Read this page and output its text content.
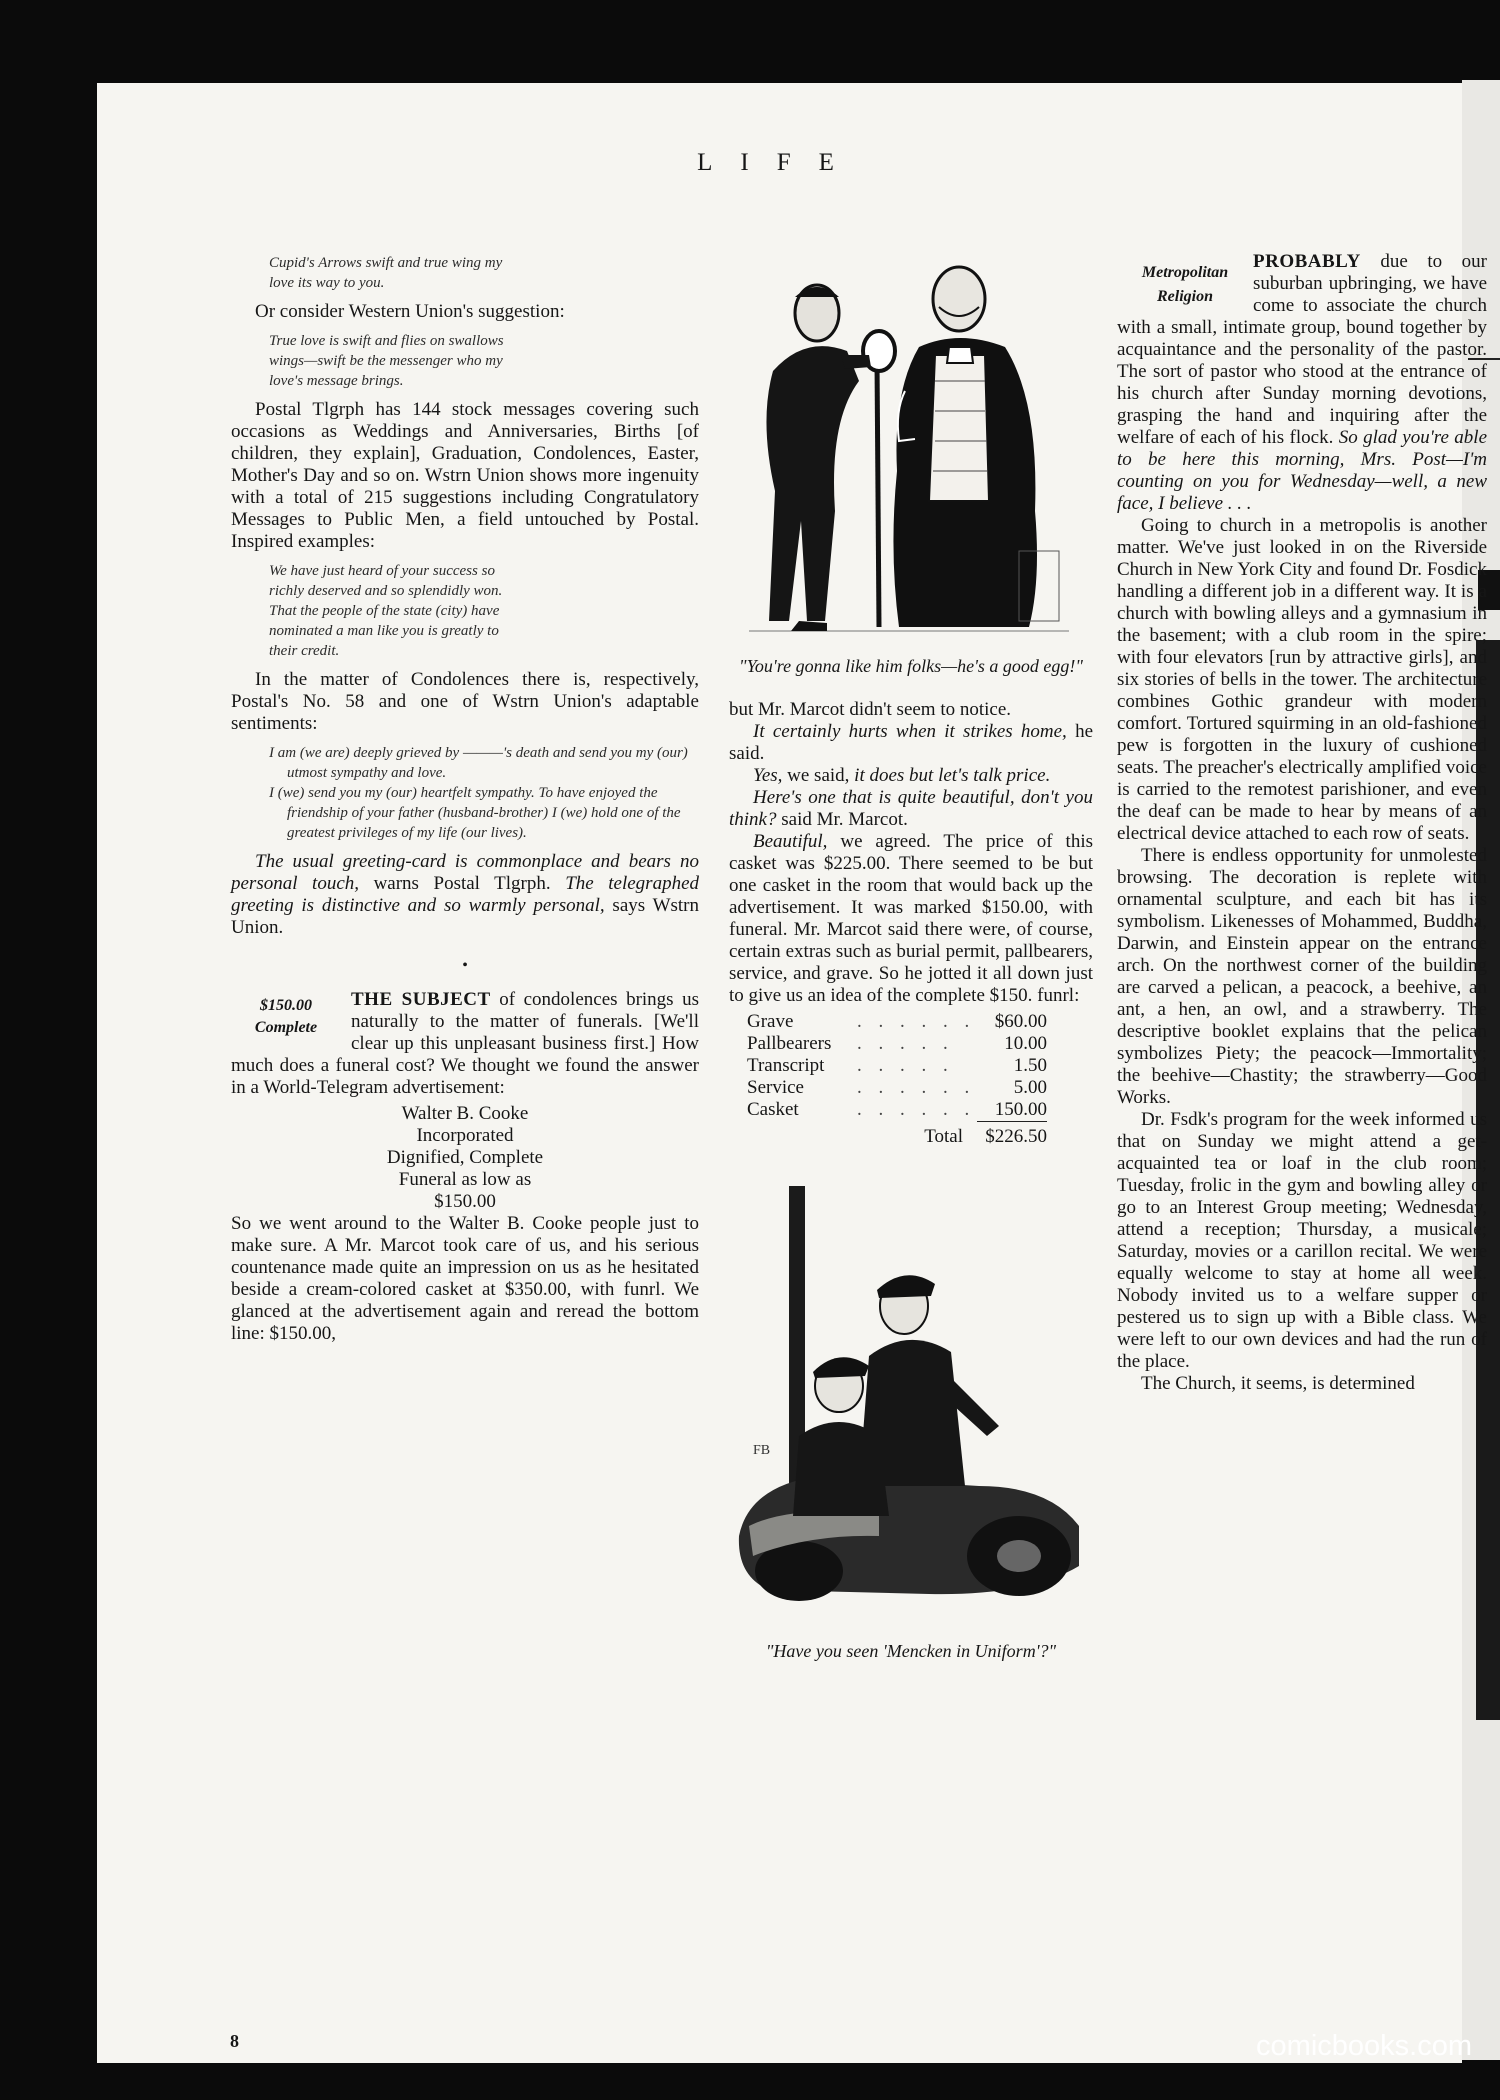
LIFE
Cupid's Arrows swift and true wing my
love its way to you.

Or consider Western Union's suggestion:

True love is swift and flies on swallows
wings—swift be the messenger who my
love's message brings.

Postal Tlgrph has 144 stock messages covering such occasions as Weddings and Anniversaries, Births [of children, they explain], Graduation, Condolences, Easter, Mother's Day and so on. Wstrn Union shows more ingenuity with a total of 215 suggestions including Congratulatory Messages to Public Men, a field untouched by Postal. Inspired examples:

We have just heard of your success so
richly deserved and so splendidly won.
That the people of the state (city) have
nominated a man like you is greatly to
their credit.

In the matter of Condolences there is, respectively, Postal's No. 58 and one of Wstrn Union's adaptable sentiments:

I am (we are) deeply grieved by ———'s death and send you my (our) utmost sympathy and love.
I (we) send you my (our) heartfelt sympathy. To have enjoyed the friendship of your father (husband-brother) I (we) hold one of the greatest privileges of my life (our lives).

The usual greeting-card is commonplace and bears no personal touch, warns Postal Tlgrph. The telegraphed greeting is distinctive and so warmly personal, says Wstrn Union.

•
$150.00
Complete

THE SUBJECT of condolences brings us naturally to the matter of funerals. [We'll clear up this unpleasant business first.] How much does a funeral cost? We thought we found the answer in a World-Telegram advertisement:

Walter B. Cooke
Incorporated
Dignified, Complete
Funeral as low as
$150.00

So we went around to the Walter B. Cooke people just to make sure. A Mr. Marcot took care of us, and his serious countenance made quite an impression on us as he hesitated beside a cream-colored casket at $350.00, with funrl. We glanced at the advertisement again and reread the bottom line: $150.00,

"You're gonna like him folks—he's a good egg!"

but Mr. Marcot didn't seem to notice.

It certainly hurts when it strikes home, he said.

Yes, we said, it does but let's talk price.

Here's one that is quite beautiful, don't you think? said Mr. Marcot.

Beautiful, we agreed. The price of this casket was $225.00. There seemed to be but one casket in the room that would back up the advertisement. It was marked $150.00, with funeral. Mr. Marcot said there were, of course, certain extras such as burial permit, pallbearers, service, and grave. So he jotted it all down just to give us an idea of the complete $150. funrl:

Grave	. . . . . .	$60.00
Pallbearers	. . . . .	10.00
Transcript	. . . . .	1.50
Service	. . . . . .	5.00
Casket	. . . . . .	150.00
	Total	$226.50
FB
"Have you seen 'Mencken in Uniform'?"
Metropolitan
Religion

PROBABLY due to our suburban upbringing, we have come to associate the church with a small, intimate group, bound together by acquaintance and the personality of the pastor. The sort of pastor who stood at the entrance of his church after Sunday morning devotions, grasping the hand and inquiring after the welfare of each of his flock. So glad you're able to be here this morning, Mrs. Post—I'm counting on you for Wednesday—well, a new face, I believe . . .

Going to church in a metropolis is another matter. We've just looked in on the Riverside Church in New York City and found Dr. Fosdick handling a different job in a different way. It is a church with bowling alleys and a gymnasium in the basement; with a club room in the spire; with four elevators [run by attractive girls], and six stories of bells in the tower. The architecture combines Gothic grandeur with modern comfort. Tortured squirming in an old-fashioned pew is forgotten in the luxury of cushioned seats. The preacher's electrically amplified voice is carried to the remotest parishioner, and even the deaf can be made to hear by means of an electrical device attached to each row of seats.

There is endless opportunity for unmolested browsing. The decoration is replete with ornamental sculpture, and each bit has its symbolism. Likenesses of Mohammed, Buddha, Darwin, and Einstein appear on the entrance arch. On the northwest corner of the building are carved a pelican, a peacock, a beehive, an ant, a hen, an owl, and a strawberry. The descriptive booklet explains that the pelican symbolizes Piety; the peacock—Immortality; the beehive—Chastity; the strawberry—Good Works.

Dr. Fsdk's program for the week informed us that on Sunday we might attend a get-acquainted tea or loaf in the club room; Tuesday, frolic in the gym and bowling alley or go to an Interest Group meeting; Wednesday, attend a reception; Thursday, a musicale; Saturday, movies or a carillon recital. We were equally welcome to stay at home all week. Nobody invited us to a welfare supper or pestered us to sign up with a Bible class. We were left to our own devices and had the run of the place.

The Church, it seems, is determined

8	comicbooks.com
